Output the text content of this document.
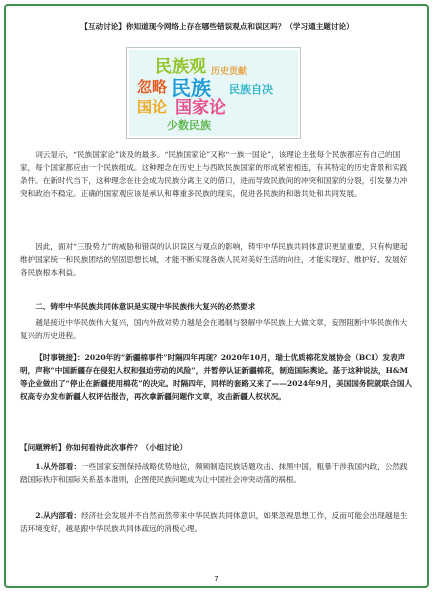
【互动讨论】你知道现今网络上存在哪些错误观点和误区吗？（学习通主题讨论）

民族观 历史贡献
忽略
国论
民族 民族自决
国家论
少数民族

词云显示，“民族国家论”谈及的最多。“民族国家论”又称“一族一国论”，该理论主张每个民族都应有自己的国家，每个国家都应由一个民族组成。这种理念在历史上与西欧民族国家的形成紧密相连，有其特定的历史背景和实践条件。在新时代当下，这种理念在往会成为民族分离主义的借口，进而导致民族间的冲突和国家的分裂，引发暴力冲突和政治不稳定。正确的国家观应该是承认和尊重多民族的现实，促进各民族的和谐共处和共同发展。

因此，面对“三股势力”的威胁和错误的认识误区与观点的影响，铸牢中华民族共同体意识更显重要，只有构建起维护国家统一和民族团结的坚固思想长城，才能不断实现各族人民对美好生活的向往，才能实现好、维护好、发展好各民族根本利益。

二、铸牢中华民族共同体意识是实现中华民族伟大复兴的必然要求

越是接近中华民族伟大复兴，国内外敌对势力越是会在遏制与裂解中华民族上大做文章，妄图阻断中华民族伟大复兴的历史进程。

【时事链接】：2020年的“新疆棉事件”时隔四年再现？2020年10月，瑞士优质棉花发展协会（BCI）发表声明，声称“中国新疆存在侵犯人权和强迫劳动的风险”，并暂停认证新疆棉花，制造国际舆论。基于这种说法，H&M等企业做出了“停止在新疆使用棉花”的决定。时隔四年，同样的套路又来了——2024年9月，美国国务院就联合国人权高专办发布新疆人权评估报告，再次拿新疆问题作文章，攻击新疆人权状况。

【问题辨析】你如何看待此次事件？（小组讨论）

1.从外部看：一些国家妄图保持战略优势地位，频频制造民族话题攻击、抹黑中国，粗暴干涉我国内政，公然践踏国际秩序和国际关系基本准则，企图使民族问题成为让中国社会冲突动荡的祸根。

2.从内部看：经济社会发展并不自然而然带来中华民族共同体意识，如果忽视思想工作，反而可能会出现越是生活环境变好，越是跟中华民族共同体疏远的消极心理。

7
